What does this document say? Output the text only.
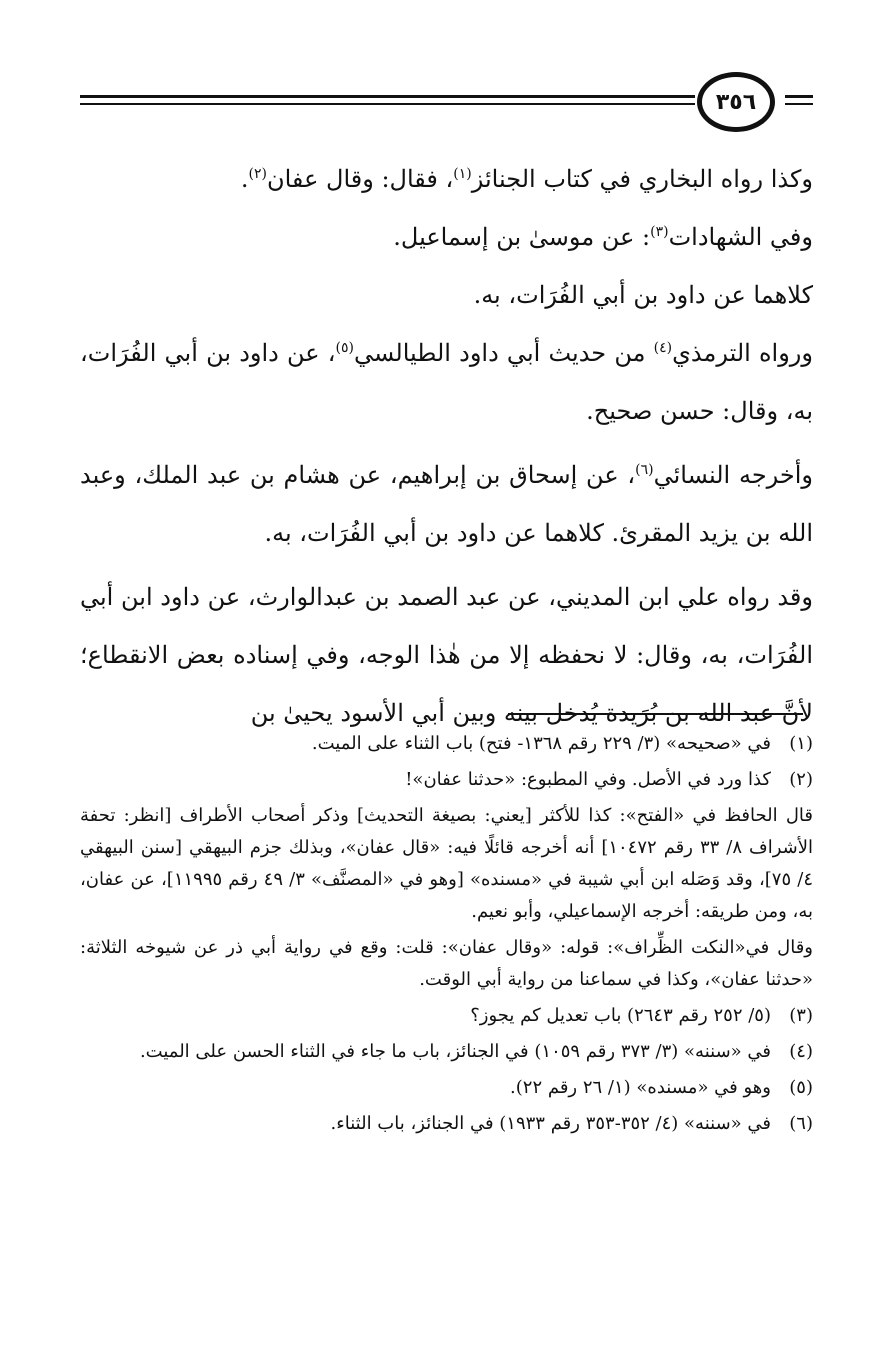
٣٥٦

وكذا رواه البخاري في كتاب الجنائز$^{(١)}$، فقال: وقال عفان$^{(٢)}$.

وفي الشهادات$^{(٣)}$: عن موسىٰ بن إسماعيل.

كلاهما عن داود بن أبي الفُرَات، به.

ورواه الترمذي$^{(٤)}$ من حديث أبي داود الطيالسي$^{(٥)}$، عن داود بن أبي الفُرَات، به، وقال: حسن صحيح.

وأخرجه النسائي$^{(٦)}$، عن إسحاق بن إبراهيم، عن هشام بن عبد الملك، وعبد الله بن يزيد المقرئ. كلاهما عن داود بن أبي الفُرَات، به.

وقد رواه علي ابن المديني، عن عبد الصمد بن عبدالوارث، عن داود ابن أبي الفُرَات، به، وقال: لا نحفظه إلا من هٰذا الوجه، وفي إسناده بعض الانقطاع؛ لأنَّ عبد الله بن بُرَيدة يُدخل بينه وبين أبي الأسود يحيىٰ بن

(١)
في «صحيحه» (٣/ ٢٢٩ رقم ١٣٦٨- فتح) باب الثناء على الميت.
(٢)
كذا ورد في الأصل. وفي المطبوع: «حدثنا عفان»!

قال الحافظ في «الفتح»: كذا للأكثر [يعني: بصيغة التحديث] وذكر أصحاب الأطراف [انظر: تحفة الأشراف ٨/ ٣٣ رقم ١٠٤٧٢] أنه أخرجه قائلًا فيه: «قال عفان»، وبذلك جزم البيهقي [سنن البيهقي ٤/ ٧٥]، وقد وَصَله ابن أبي شيبة في «مسنده» [وهو في «المصنَّف» ٣/ ٤٩ رقم ١١٩٩٥]، عن عفان، به، ومن طريقه: أخرجه الإسماعيلي، وأبو نعيم.

وقال في«النكت الظِّراف»: قوله: «وقال عفان»: قلت: وقع في رواية أبي ذر عن شيوخه الثلاثة: «حدثنا عفان»، وكذا في سماعنا من رواية أبي الوقت.

(٣)
(٥/ ٢٥٢ رقم ٢٦٤٣) باب تعديل كم يجوز؟
(٤)
في «سننه» (٣/ ٣٧٣ رقم ١٠٥٩) في الجنائز، باب ما جاء في الثناء الحسن على الميت.
(٥)
وهو في «مسنده» (١/ ٢٦ رقم ٢٢).
(٦)
في «سننه» (٤/ ٣٥٢-٣٥٣ رقم ١٩٣٣) في الجنائز، باب الثناء.
